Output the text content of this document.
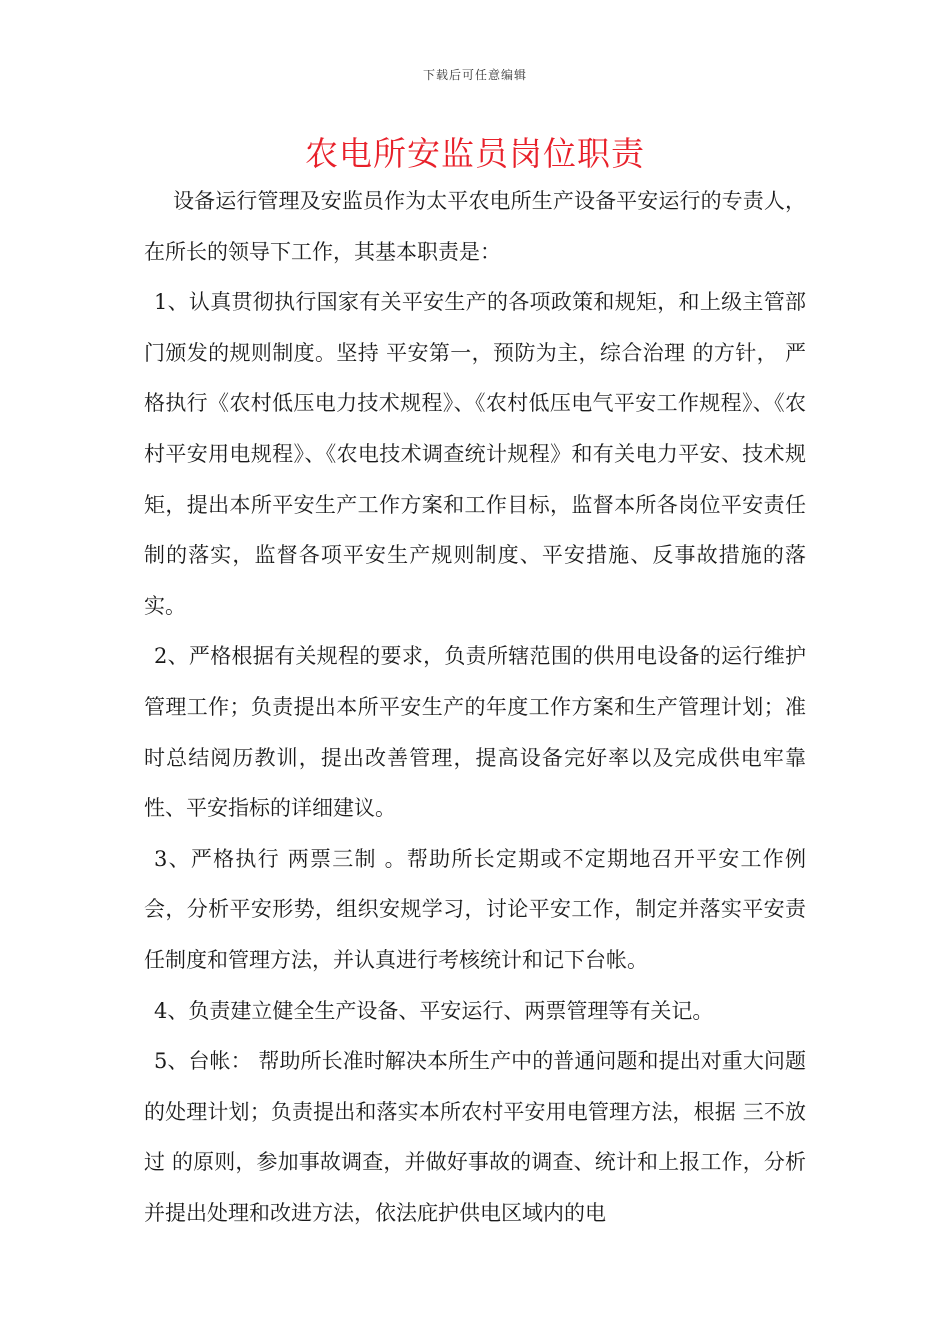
下载后可任意编辑
农电所安监员岗位职责

设备运行管理及安监员作为太平农电所生产设备平安运行的专责人，在所长的领导下工作，其基本职责是：

1、认真贯彻执行国家有关平安生产的各项政策和规矩，和上级主管部门颁发的规则制度。坚持 平安第一，预防为主，综合治理 的方针， 严格执行《农村低压电力技术规程》、《农村低压电气平安工作规程》、《农村平安用电规程》、《农电技术调查统计规程》和有关电力平安、技术规矩，提出本所平安生产工作方案和工作目标，监督本所各岗位平安责任制的落实，监督各项平安生产规则制度、平安措施、反事故措施的落实。

2、严格根据有关规程的要求，负责所辖范围的供用电设备的运行维护管理工作；负责提出本所平安生产的年度工作方案和生产管理计划；准时总结阅历教训，提出改善管理，提高设备完好率以及完成供电牢靠性、平安指标的详细建议。

3、严格执行 两票三制 。帮助所长定期或不定期地召开平安工作例会，分析平安形势，组织安规学习，讨论平安工作，制定并落实平安责任制度和管理方法，并认真进行考核统计和记下台帐。

4、负责建立健全生产设备、平安运行、两票管理等有关记。

5、台帐： 帮助所长准时解决本所生产中的普通问题和提出对重大问题的处理计划；负责提出和落实本所农村平安用电管理方法，根据 三不放过 的原则，参加事故调查，并做好事故的调查、统计和上报工作，分析并提出处理和改进方法，依法庇护供电区域内的电
